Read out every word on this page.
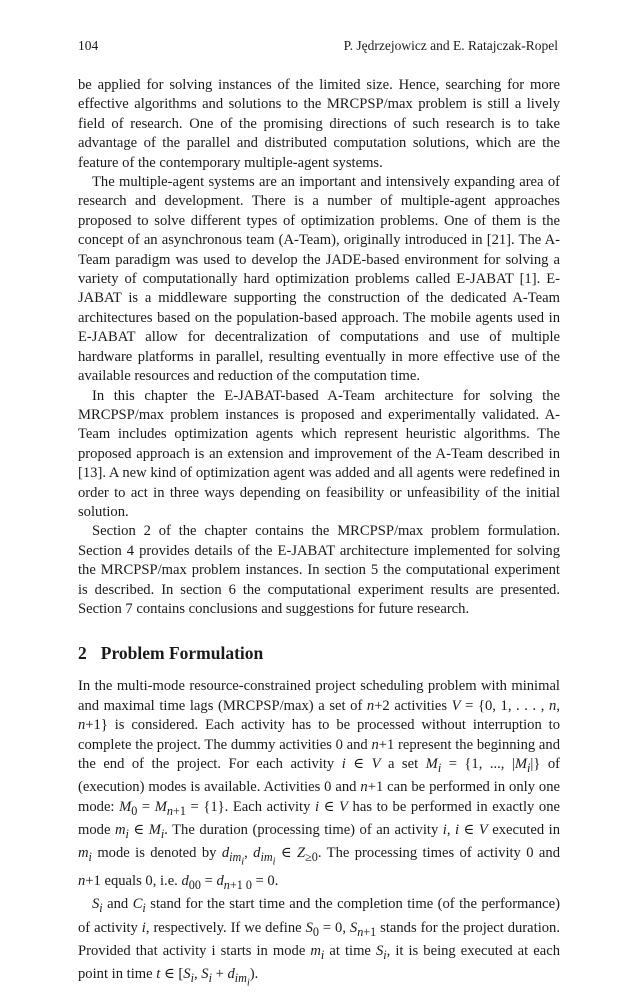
104	P. Jędrzejowicz and E. Ratajczak-Ropel

be applied for solving instances of the limited size. Hence, searching for more effective algorithms and solutions to the MRCPSP/max problem is still a lively field of research. One of the promising directions of such research is to take advantage of the parallel and distributed computation solutions, which are the feature of the contemporary multiple-agent systems.

The multiple-agent systems are an important and intensively expanding area of research and development. There is a number of multiple-agent approaches proposed to solve different types of optimization problems. One of them is the concept of an asynchronous team (A-Team), originally introduced in [21]. The A-Team paradigm was used to develop the JADE-based environment for solving a variety of computationally hard optimization problems called E-JABAT [1]. E-JABAT is a middleware supporting the construction of the dedicated A-Team architectures based on the population-based approach. The mobile agents used in E-JABAT allow for decentralization of computations and use of multiple hardware platforms in parallel, resulting eventually in more effective use of the available resources and reduction of the computation time.

In this chapter the E-JABAT-based A-Team architecture for solving the MRCPSP/max problem instances is proposed and experimentally validated. A-Team includes optimization agents which represent heuristic algorithms. The proposed approach is an extension and improvement of the A-Team described in [13]. A new kind of optimization agent was added and all agents were redefined in order to act in three ways depending on feasibility or unfeasibility of the initial solution.

Section 2 of the chapter contains the MRCPSP/max problem formulation. Section 4 provides details of the E-JABAT architecture implemented for solving the MRCPSP/max problem instances. In section 5 the computational experiment is described. In section 6 the computational experiment results are presented. Section 7 contains conclusions and suggestions for future research.

2 Problem Formulation

In the multi-mode resource-constrained project scheduling problem with minimal and maximal time lags (MRCPSP/max) a set of n+2 activities V = {0, 1, . . . , n, n+1} is considered. Each activity has to be processed without interruption to complete the project. The dummy activities 0 and n+1 represent the beginning and the end of the project. For each activity i ∈ V a set $M_i = \{1$, ..., $|M_i|$} of (execution) modes is available. Activities 0 and n+1 can be performed in only one mode: $M_0 = M_{n+1} = \{1\}$. Each activity i ∈ V has to be performed in exactly one mode $m_i$ ∈ $M_i$. The duration (processing time) of an activity i, i ∈ V executed in $m_i$ mode is denoted by $d_{im_i}$, $d_{im_i}$ ∈ $Z_{\ge 0}$. The processing times of activity 0 and n+1 equals 0, i.e. $d_{00} = d_{n+1 0} = 0$.

$S_i$ and $C_i$ stand for the start time and the completion time (of the performance) of activity i, respectively. If we define $S_0 = 0$, $S_{n+1}$ stands for the project duration. Provided that activity i starts in mode $m_i$ at time $S_i$, it is being executed at each point in time t ∈ [$S_i$, $S_i + d_{im_i}$).
